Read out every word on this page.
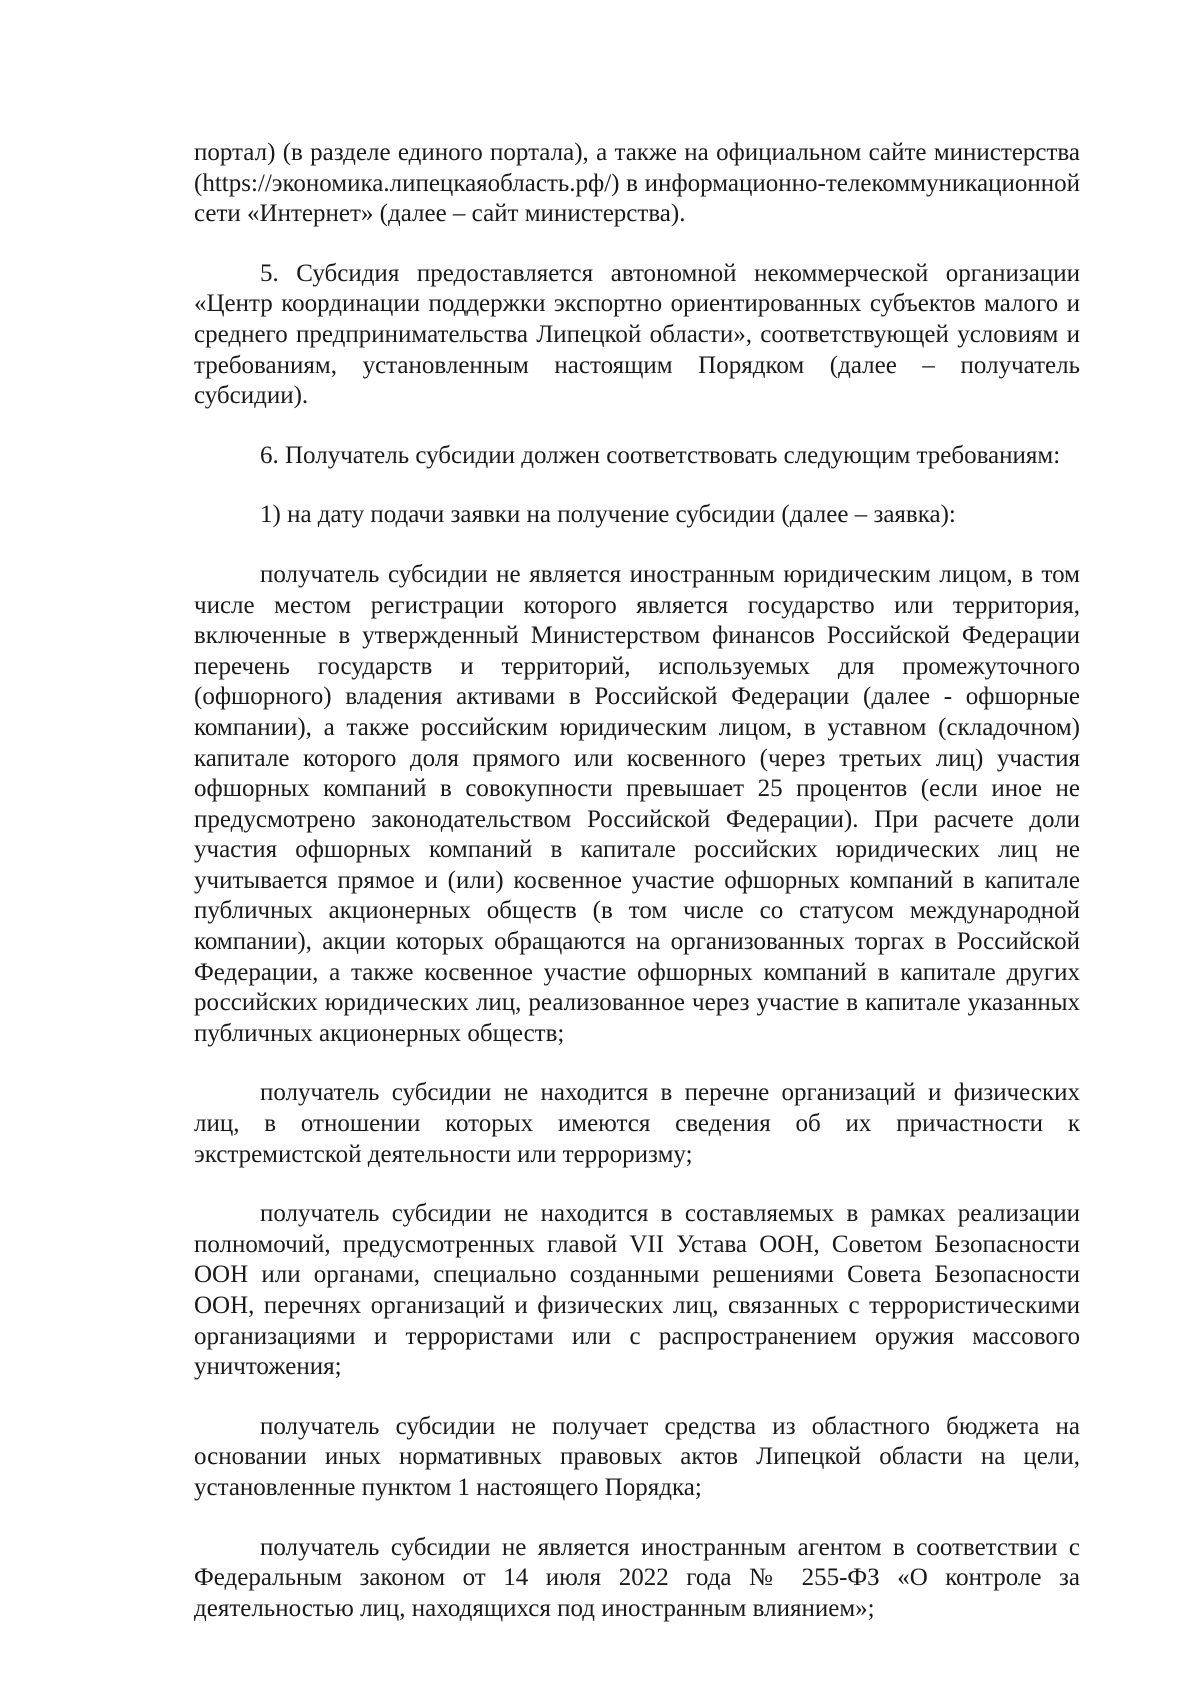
портал) (в разделе единого портала), а также на официальном сайте министерства (https://экономика.липецкаяобласть.рф/) в информационно-телекоммуникационной сети «Интернет» (далее – сайт министерства).

5. Субсидия предоставляется автономной некоммерческой организации «Центр координации поддержки экспортно ориентированных субъектов малого и среднего предпринимательства Липецкой области», соответствующей условиям и требованиям, установленным настоящим Порядком (далее – получатель субсидии).

6. Получатель субсидии должен соответствовать следующим требованиям:

1) на дату подачи заявки на получение субсидии (далее – заявка):

получатель субсидии не является иностранным юридическим лицом, в том числе местом регистрации которого является государство или территория, включенные в утвержденный Министерством финансов Российской Федерации перечень государств и территорий, используемых для промежуточного (офшорного) владения активами в Российской Федерации (далее - офшорные компании), а также российским юридическим лицом, в уставном (складочном) капитале которого доля прямого или косвенного (через третьих лиц) участия офшорных компаний в совокупности превышает 25 процентов (если иное не предусмотрено законодательством Российской Федерации). При расчете доли участия офшорных компаний в капитале российских юридических лиц не учитывается прямое и (или) косвенное участие офшорных компаний в капитале публичных акционерных обществ (в том числе со статусом международной компании), акции которых обращаются на организованных торгах в Российской Федерации, а также косвенное участие офшорных компаний в капитале других российских юридических лиц, реализованное через участие в капитале указанных публичных акционерных обществ;

получатель субсидии не находится в перечне организаций и физических лиц, в отношении которых имеются сведения об их причастности к экстремистской деятельности или терроризму;

получатель субсидии не находится в составляемых в рамках реализации полномочий, предусмотренных главой VII Устава ООН, Советом Безопасности ООН или органами, специально созданными решениями Совета Безопасности ООН, перечнях организаций и физических лиц, связанных с террористическими организациями и террористами или с распространением оружия массового уничтожения;

получатель субсидии не получает средства из областного бюджета на основании иных нормативных правовых актов Липецкой области на цели, установленные пунктом 1 настоящего Порядка;

получатель субсидии не является иностранным агентом в соответствии с Федеральным законом от 14 июля 2022 года № 255-ФЗ «О контроле за деятельностью лиц, находящихся под иностранным влиянием»;
